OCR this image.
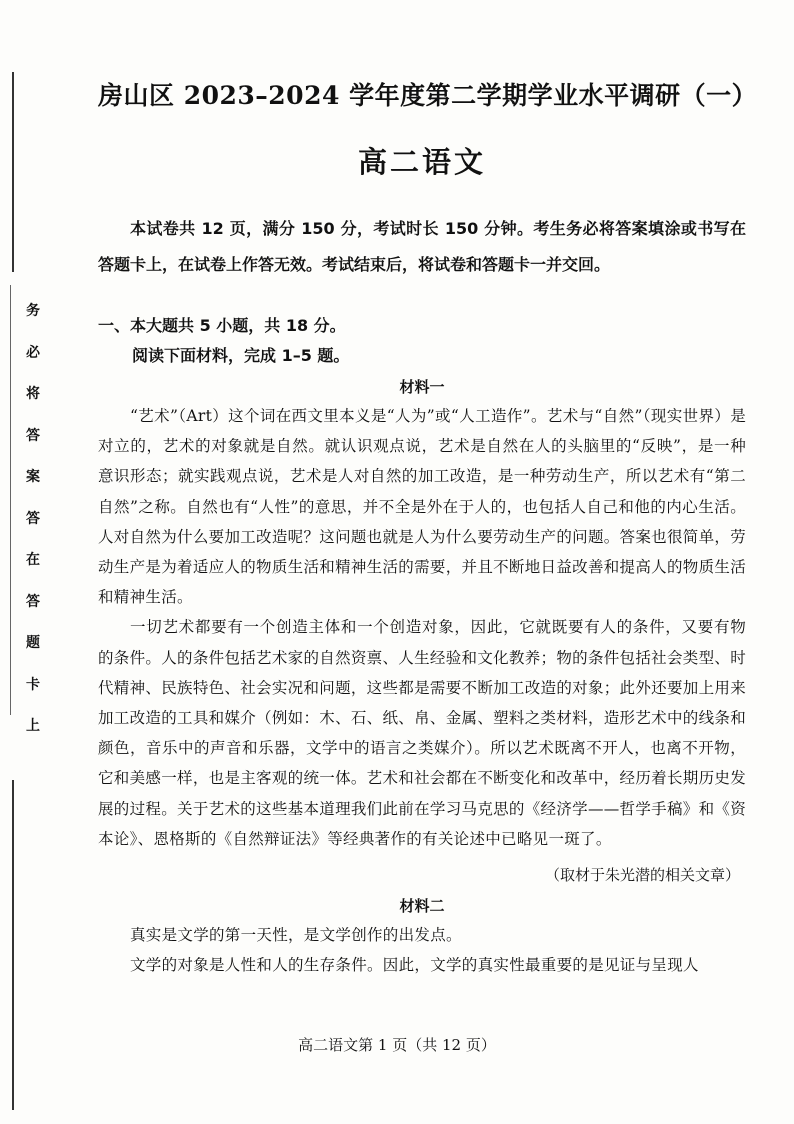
务
必
将
答
案
答
在
答
题
卡
上
房山区 2023–2024 学年度第二学期学业水平调研（一）
高二语文

本试卷共 12 页，满分 150 分，考试时长 150 分钟。考生务必将答案填涂或书写在答题卡上，在试卷上作答无效。考试结束后，将试卷和答题卡一并交回。

一、本大题共 5 小题，共 18 分。

阅读下面材料，完成 1–5 题。

材料一

“艺术”（Art）这个词在西文里本义是“人为”或“人工造作”。艺术与“自然”（现实世界）是对立的，艺术的对象就是自然。就认识观点说，艺术是自然在人的头脑里的“反映”，是一种意识形态；就实践观点说，艺术是人对自然的加工改造，是一种劳动生产，所以艺术有“第二自然”之称。自然也有“人性”的意思，并不全是外在于人的，也包括人自己和他的内心生活。人对自然为什么要加工改造呢？这问题也就是人为什么要劳动生产的问题。答案也很简单，劳动生产是为着适应人的物质生活和精神生活的需要，并且不断地日益改善和提高人的物质生活和精神生活。

一切艺术都要有一个创造主体和一个创造对象，因此，它就既要有人的条件，又要有物的条件。人的条件包括艺术家的自然资禀、人生经验和文化教养；物的条件包括社会类型、时代精神、民族特色、社会实况和问题，这些都是需要不断加工改造的对象；此外还要加上用来加工改造的工具和媒介（例如：木、石、纸、帛、金属、塑料之类材料，造形艺术中的线条和颜色，音乐中的声音和乐器，文学中的语言之类媒介）。所以艺术既离不开人，也离不开物，它和美感一样，也是主客观的统一体。艺术和社会都在不断变化和改革中，经历着长期历史发展的过程。关于艺术的这些基本道理我们此前在学习马克思的《经济学——哲学手稿》和《资本论》、恩格斯的《自然辩证法》等经典著作的有关论述中已略见一斑了。

（取材于朱光潜的相关文章）

材料二

真实是文学的第一天性，是文学创作的出发点。

文学的对象是人性和人的生存条件。因此，文学的真实性最重要的是见证与呈现人

高二语文第 1 页（共 12 页）
